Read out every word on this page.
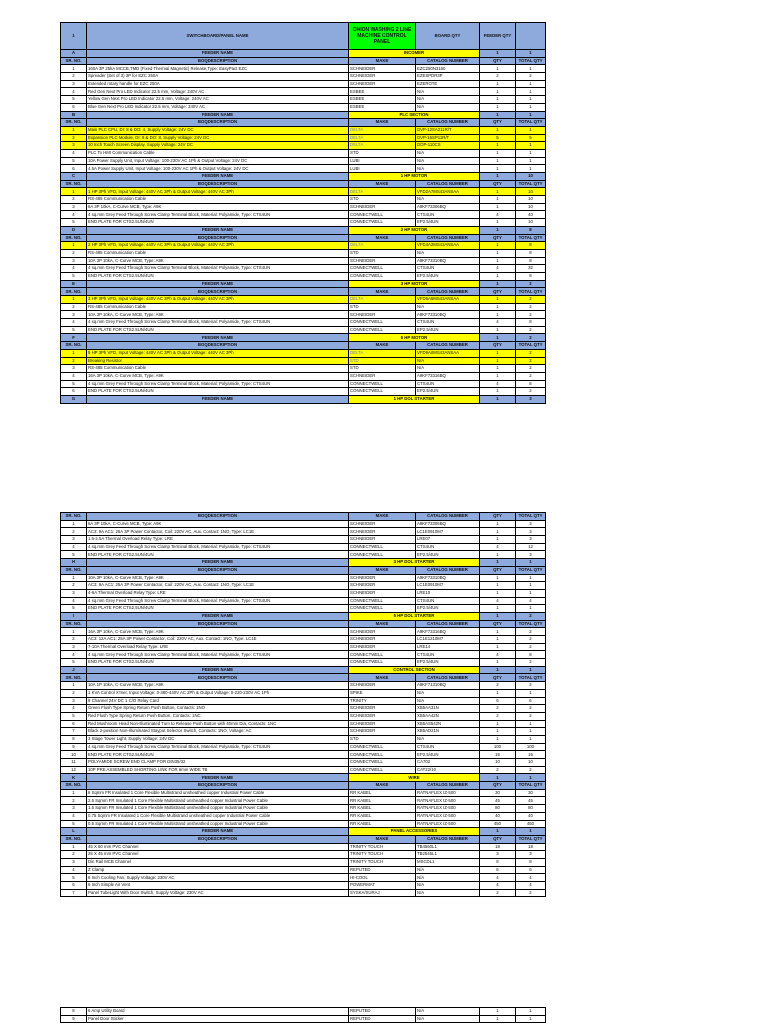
1	SWITCHBOARD/PANEL NAME	ONION WASHING 2 LINE MACHINE CONTROL PANEL	BOARD QTY	FEEDER QTY	
A	FEEDER NAME	INCOMER		1	1
SR. NO.	BOQDESCRIPTION	MAKE	CATALOG NUMBER	QTY	TOTAL QTY
1	160A 3P 25kA MCCB,TMD (Fixed Thermal Magnetic) Release,Type: EasyPact EZC	SCHNEIDER	EZC250N3160	1	1
2	Spreader (Set of 3) 3P for EZC 250A	SCHNEIDER	EZESPDR3P	2	2
3	Extended rotary handle for EZC 250A	SCHNEIDER	EZEROTE	1	1
4	Red Gen Next Pro LED Indicator 22.5 mm, Voltage: 240V AC	ESBEE	N/A	1	1
5	Yellow Gen Next Pro LED Indicator 22.5 mm, Voltage: 240V AC	ESBEE	N/A	1	1
6	Blue Gen Next Pro LED Indicator 22.5 mm, Voltage: 240V AC	ESBEE	N/A	1	1
B	FEEDER NAME	PLC SECTION		1	1
SR. NO.	BOQDESCRIPTION	MAKE	CATALOG NUMBER	QTY	TOTAL QTY
1	Main PLC CPU, DI: 8 & DO: 4, Supply Voltage: 24V DC	DELTA	DVP-12SA211R/T	1	1
2	Expansion PLC Module, DI: 8 & DO: 8, Supply Voltage: 24V DC	DELTA	DVP-16SP11R/T	5	5
3	10 Inch Touch Screen Display, Supply Voltage: 24V DC	DELTA	DOP-110CS	1	1
4	PLC To HMI Communication Cable	STD	N/A	1	1
5	10A Power Supply Unit, Input Voltage: 100-230V AC 1Ph & Output Voltage: 24V DC	LUBI	N/A	1	1
6	4.5A Power Supply Unit, Input Voltage: 100-230V AC 1Ph & Output Voltage: 24V DC	LUBI	N/A	1	1
C	FEEDER NAME	1 HP MOTOR		1	10
SR. NO.	BOQDESCRIPTION	MAKE	CATALOG NUMBER	QTY	TOTAL QTY
1	1 HP 3Ph VFD, Input Voltage: 440V AC 3Ph & Output Voltage: 440V AC 3Ph	DELTA	VFD2A7MS43ANSAA	1	10
2	RS-485 Communication Cable	STD	N/A	1	10
3	6A 3P 10kA, C-Curve MCB, Type: A9K	SCHNEIDER	A9KF73306BQ	1	10
4	4 sq.mm Grey Feed Through Screw Clamp Terminal Block, Material: Polyamide, Type: CTS4UN	CONNECTWELL	CTS4UN	4	40
5	END PLATE FOR CTS2.5UN/4UN	CONNECTWELL	EP2.5/4UN	1	10
D	FEEDER NAME	2 HP MOTOR		1	8
SR. NO.	BOQDESCRIPTION	MAKE	CATALOG NUMBER	QTY	TOTAL QTY
1	2 HP 3Ph VFD, Input Voltage: 440V AC 3Ph & Output Voltage: 440V AC 3Ph	DELTA	VFD4A2MS43ANSAA	1	8
2	RS-485 Communication Cable	STD	N/A	1	8
3	10A 3P 10kA, C-Curve MCB, Type: A9K	SCHNEIDER	A9KF73310BQ	1	8
4	4 sq.mm Grey Feed Through Screw Clamp Terminal Block, Material: Polyamide, Type: CTS4UN	CONNECTWELL	CTS4UN	4	32
5	END PLATE FOR CTS2.5UN/4UN	CONNECTWELL	EP2.5/4UN	1	8
E	FEEDER NAME	3 HP MOTOR		1	2
SR. NO.	BOQDESCRIPTION	MAKE	CATALOG NUMBER	QTY	TOTAL QTY
1	3 HP 3Ph VFD, Input Voltage: 440V AC 3Ph & Output Voltage: 440V AC 3Ph	DELTA	VFD5A5MS43ANSAA	1	2
2	RS-485 Communication Cable	STD	N/A	1	2
3	10A 3P 10kA, C-Curve MCB, Type: A9K	SCHNEIDER	A9KF73310BQ	1	2
4	4 sq.mm Grey Feed Through Screw Clamp Terminal Block, Material: Polyamide, Type: CTS4UN	CONNECTWELL	CTS4UN	4	8
5	END PLATE FOR CTS2.5UN/4UN	CONNECTWELL	EP2.5/4UN	1	2
F	FEEDER NAME	5 HP MOTOR		1	2
SR. NO.	BOQDESCRIPTION	MAKE	CATALOG NUMBER	QTY	TOTAL QTY
1	5 HP 3Ph VFD, Input Voltage: 440V AC 3Ph & Output Voltage: 440V AC 3Ph	DELTA	VFD9A0MS43ANSAA	1	2
2	Breaking Resistor	STD	N/A	1	2
3	RS-485 Communication Cable	STD	N/A	1	2
4	16A 3P 10kA, C-Curve MCB, Type: A9K	SCHNEIDER	A9KF73316BQ	1	2
5	4 sq.mm Grey Feed Through Screw Clamp Terminal Block, Material: Polyamide, Type: CTS4UN	CONNECTWELL	CTS4UN	4	8
6	END PLATE FOR CTS2.5UN/4UN	CONNECTWELL	EP2.5/4UN	1	2
G	FEEDER NAME	1 HP DOL STARTER		1	3
SR. NO.	BOQDESCRIPTION	MAKE	CATALOG NUMBER	QTY	TOTAL QTY
1	6A 3P 10kA, C-Curve MCB, Type: A9K	SCHNEIDER	A9KF73306BQ	1	3
2	AC3: 9A AC1: 25A 3P Power Contactor, Coil: 220V AC, Aux. Contact: 1NO, Type: LC1E	SCHNEIDER	LC1E0910M7	1	3
3	1.6-2.5A Thermal Overload Relay Type: LRE	SCHNEIDER	LRE07	1	3
4	4 sq.mm Grey Feed Through Screw Clamp Terminal Block, Material: Polyamide, Type: CTS4UN	CONNECTWELL	CTS4UN	4	12
5	END PLATE FOR CTS2.5UN/4UN	CONNECTWELL	EP2.5/4UN	1	3
H	FEEDER NAME	3 HP DOL STARTER		1	1
SR. NO.	BOQDESCRIPTION	MAKE	CATALOG NUMBER	QTY	TOTAL QTY
1	10A 3P 10kA, C-Curve MCB, Type: A9K	SCHNEIDER	A9KF73310BQ	1	1
2	AC3: 9A AC1: 25A 3P Power Contactor, Coil: 220V AC, Aux. Contact: 1NO, Type: LC1E	SCHNEIDER	LC1E0910M7	1	1
3	4-6A Thermal Overload Relay Type: LRE	SCHNEIDER	LRE10	1	1
4	4 sq.mm Grey Feed Through Screw Clamp Terminal Block, Material: Polyamide, Type: CTS4UN	CONNECTWELL	CTS4UN	4	4
5	END PLATE FOR CTS2.5UN/4UN	CONNECTWELL	EP2.5/4UN	1	1
I	FEEDER NAME	5 HP DOL STARTER		1	2
SR. NO.	BOQDESCRIPTION	MAKE	CATALOG NUMBER	QTY	TOTAL QTY
1	16A 3P 10kA, C-Curve MCB, Type: A9K	SCHNEIDER	A9KF73316BQ	1	2
2	AC3: 12A AC1: 25A 3P Power Contactor, Coil: 220V AC, Aux. Contact: 1NO, Type: LC1E	SCHNEIDER	LC1E1210M7	1	2
3	7-10A Thermal Overload Relay Type: LRE	SCHNEIDER	LRE14	1	2
4	4 sq.mm Grey Feed Through Screw Clamp Terminal Block, Material: Polyamide, Type: CTS4UN	CONNECTWELL	CTS4UN	4	8
5	END PLATE FOR CTS2.5UN/4UN	CONNECTWELL	EP2.5/4UN	1	2
J	FEEDER NAME	CONTROL SECTION		1	1
SR. NO.	BOQDESCRIPTION	MAKE	CATALOG NUMBER	QTY	TOTAL QTY
1	10A 1P 10kA, C-Curve MCB, Type: A9K	SCHNEIDER	A9KF71310BQ	2	2
2	1 KVA Control X'mer, Input Voltage: 0-380-440V AC 2Ph & Output Voltage: 0-220-230V AC 1Ph	SPIKE	N/A	1	1
3	8 Channel 24V DC 1 C/O Relay Card	TRINITY	N/A	6	6
4	Green Flush Type Spring Return Push Button, Contacts: 1NO	SCHNEIDER	XB5AA31N	2	2
5	Red Flush Type Spring Return Push Button, Contacts: 1NC	SCHNEIDER	XB5AA42N	2	2
6	Red Mushroom Head Non-Illuminated Turn to Release Push Button with 40mm Dia, Contacts: 1NC	SCHNEIDER	XB5AS542N	1	1
7	Black 2-position Non-Illuminated Stayput Selector Switch, Contacts: 1NO, Voltage: AC	SCHNEIDER	XB5AD21N	1	1
8	3 Stage Tower Light, Supply Voltage: 24V DC	STD	N/A	1	1
9	4 sq.mm Grey Feed Through Screw Clamp Terminal Block, Material: Polyamide, Type: CTS4UN	CONNECTWELL	CTS4UN	100	100
10	END PLATE FOR CTS2.5UN/4UN	CONNECTWELL	EP2.5/4UN	15	15
11	POLYAMIDE SCREW END CLAMP FOR DIN35/32	CONNECTWELL	CA702	10	10
12	10P PRE ASSEMBLED SHORTING LINK FOR 6mm WIDE TB	CONNECTWELL	CAT22/10	2	2
K	FEEDER NAME	WIRE		1	1
SR. NO.	BOQDESCRIPTION	MAKE	CATALOG NUMBER	QTY	TOTAL QTY
1	6 Sqmm FR Insulated 1 Core Flexible Multistrand unsheathed copper Industrial Power Cable	RR KABEL	RATNAFLEX IZ-500	30	30
2	2.5 Sqmm FR Insulated 1 Core Flexible Multistrand unsheathed copper Industrial Power Cable	RR KABEL	RATNAFLEX IZ-500	45	45
3	1.5 Sqmm FR Insulated 1 Core Flexible Multistrand unsheathed copper Industrial Power Cable	RR KABEL	RATNAFLEX IZ-500	80	80
4	0.75 Sqmm FR Insulated 1 Core Flexible Multistrand unsheathed copper Industrial Power Cable	RR KABEL	RATNAFLEX IZ-500	40	40
5	0.5 Sqmm FR Insulated 1 Core Flexible Multistrand unsheathed copper Industrial Power Cable	RR KABEL	RATNAFLEX IZ-500	450	450
L	FEEDER NAME	PANEL ACCESSORIES		1	1
SR. NO.	BOQDESCRIPTION	MAKE	CATALOG NUMBER	QTY	TOTAL QTY
1	45 X 60 mm PVC Channel	TRINITY TOUCH	TB4560L1	18	18
2	25 X 45 mm PVC Channel	TRINITY TOUCH	TB2545L1	3	3
3	Din Rail MCB Channel	TRINITY TOUCH	MSCDL1	8	8
4	Z Clamp	REPUTED	N/A	6	6
5	6 Inch Cooling Fan, Supply Voltage: 230V AC	HI-COOL	N/A	4	4
6	6 Inch Simple Air Vent	POWERMAT	N/A	4	4
7	Panel TubeLight With Door Switch, Supply Voltage: 230V AC	SYSKA/SURAJ	N/A	2	2
8	6 Amp Utility Board	REPUTED	N/A	1	1
9	Panel Door Sticker	REPUTED	N/A	1	1
